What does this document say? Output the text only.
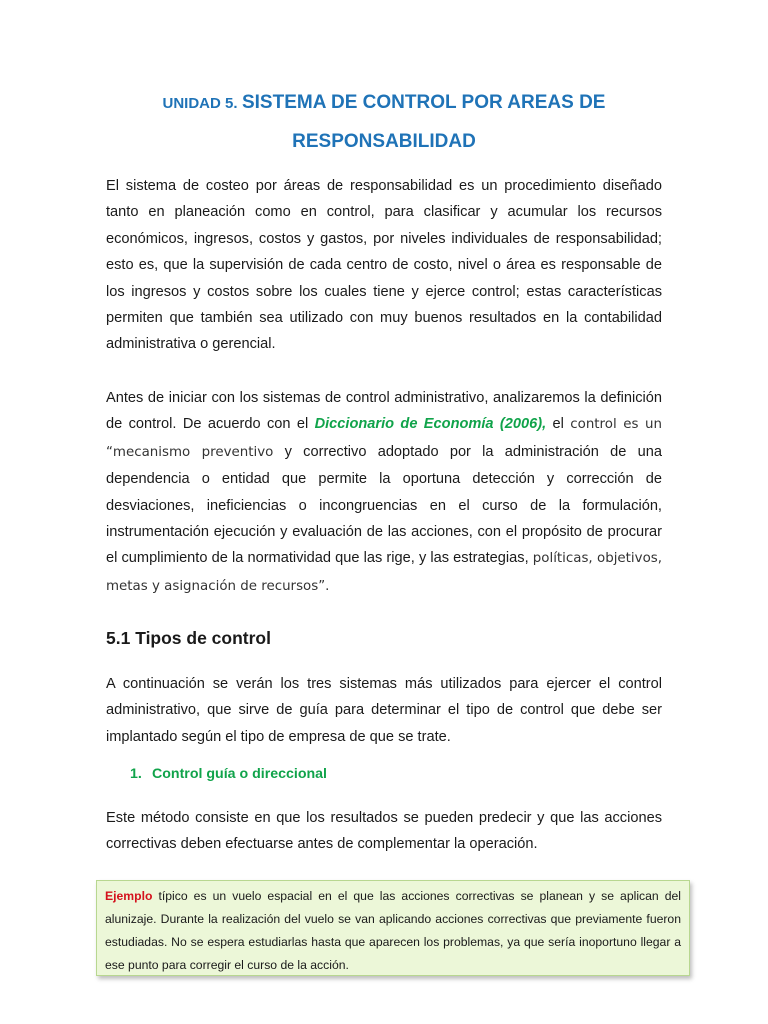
UNIDAD 5. SISTEMA DE CONTROL POR AREAS DE
RESPONSABILIDAD

El sistema de costeo por áreas de responsabilidad es un procedimiento diseñado tanto en planeación como en control, para clasificar y acumular los recursos económicos, ingresos, costos y gastos, por niveles individuales de responsabilidad; esto es, que la supervisión de cada centro de costo, nivel o área es responsable de los ingresos y costos sobre los cuales tiene y ejerce control; estas características permiten que también sea utilizado con muy buenos resultados en la contabilidad administrativa o gerencial.

Antes de iniciar con los sistemas de control administrativo, analizaremos la definición de control. De acuerdo con el Diccionario de Economía (2006), el control es un “mecanismo preventivo y correctivo adoptado por la administración de una dependencia o entidad que permite la oportuna detección y corrección de desviaciones, ineficiencias o incongruencias en el curso de la formulación, instrumentación ejecución y evaluación de las acciones, con el propósito de procurar el cumplimiento de la normatividad que las rige, y las estrategias, políticas, objetivos, metas y asignación de recursos”.

5.1 Tipos de control

A continuación se verán los tres sistemas más utilizados para ejercer el control administrativo, que sirve de guía para determinar el tipo de control que debe ser implantado según el tipo de empresa de que se trate.

1. Control guía o direccional

Este método consiste en que los resultados se pueden predecir y que las acciones correctivas deben efectuarse antes de complementar la operación.

Ejemplo típico es un vuelo espacial en el que las acciones correctivas se planean y se aplican del alunizaje. Durante la realización del vuelo se van aplicando acciones correctivas que previamente fueron estudiadas. No se espera estudiarlas hasta que aparecen los problemas, ya que sería inoportuno llegar a ese punto para corregir el curso de la acción.
